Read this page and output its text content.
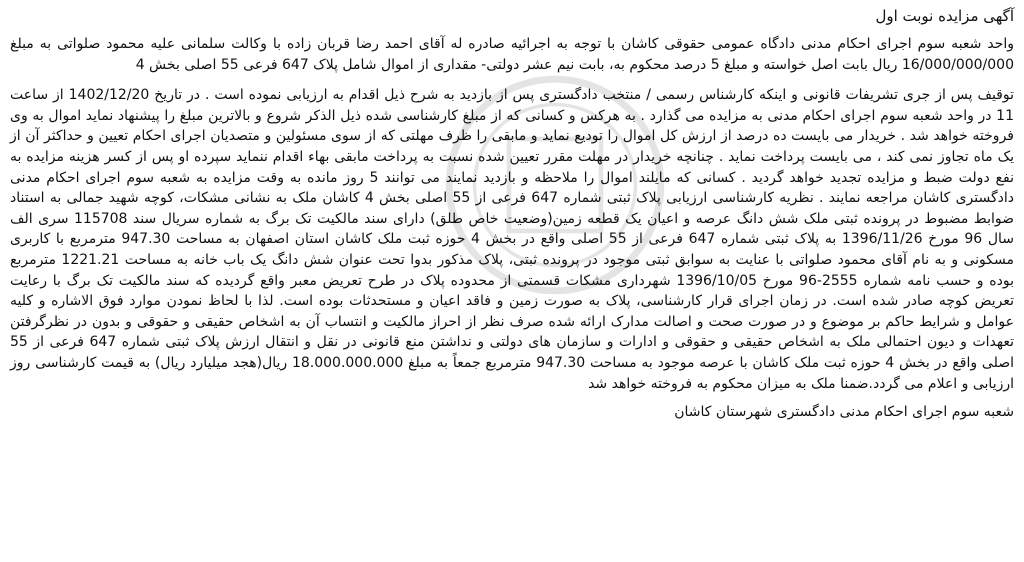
آگهی مزایده نوبت اول

واحد شعبه سوم اجرای احکام مدنی دادگاه عمومی حقوقی کاشان با توجه به اجرائیه صادره له آقای احمد رضا قربان زاده با وکالت سلمانی علیه محمود صلواتی به مبلغ 16/000/000/000 ریال بابت اصل خواسته و مبلغ 5 درصد محکوم به، بابت نیم عشر دولتی- مقداری از اموال شامل پلاک 647 فرعی 55 اصلی بخش 4

توقیف پس از جری تشریفات قانونی و اینکه کارشناس رسمی / منتخب دادگستری پس از بازدید به شرح ذیل اقدام به ارزیابی نموده است . در تاریخ 1402/12/20 از ساعت 11 در واحد شعبه سوم اجرای احکام مدنی به مزایده می گذارد . به هرکس و کسانی که از مبلغ کارشناسی شده ذیل الذکر شروع و بالاترین مبلغ را پیشنهاد نماید اموال به وی فروخته خواهد شد . خریدار می بایست ده درصد از ارزش کل اموال را تودیع نماید و مابقی را ظرف مهلتی که از سوی مسئولین و متصدیان اجرای احکام تعیین و حداکثر آن از یک ماه تجاوز نمی کند ، می بایست پرداخت نماید . چنانچه خریدار در مهلت مقرر تعیین شده نسبت به پرداخت مابقی بهاء اقدام ننماید سپرده او پس از کسر هزینه مزایده به نفع دولت ضبط و مزایده تجدید خواهد گردید . کسانی که مایلند اموال را ملاحظه و بازدید نمایند می توانند 5 روز مانده به وقت مزایده به شعبه سوم اجرای احکام مدنی دادگستری کاشان مراجعه نمایند . نظریه کارشناسی ارزیابی پلاک ثبتی شماره 647 فرعی از 55 اصلی بخش 4 کاشان ملک به نشانی مشکات، کوچه شهید جمالی به استناد ضوابط مضبوط در پرونده ثبتی ملک شش دانگ عرصه و اعیان یک قطعه زمین(وضعیت خاص طلق) دارای سند مالکیت تک برگ به شماره سریال سند 115708 سری الف سال 96 مورخ 1396/11/26 به پلاک ثبتی شماره 647 فرعی از 55 اصلی واقع در بخش 4 حوزه ثبت ملک کاشان استان اصفهان به مساحت 947.30 مترمربع با کاربری مسکونی و به نام آقای محمود صلواتی با عنایت به سوابق ثبتی موجود در پرونده ثبتی، پلاک مذکور بدوا تحت عنوان شش دانگ یک باب خانه به مساحت 1221.21 مترمربع بوده و حسب نامه شماره 2555-96 مورخ 1396/10/05 شهرداری مشکات قسمتی از محدوده پلاک در طرح تعریض معبر واقع گردیده که سند مالکیت تک برگ با رعایت تعریض کوچه صادر شده است. در زمان اجرای قرار کارشناسی، پلاک به صورت زمین و فاقد اعیان و مستحدثات بوده است. لذا با لحاظ نمودن موارد فوق الاشاره و کلیه عوامل و شرایط حاکم بر موضوع و در صورت صحت و اصالت مدارک ارائه شده صرف نظر از احراز مالکیت و انتساب آن به اشخاص حقیقی و حقوقی و بدون در نظرگرفتن تعهدات و دیون احتمالی ملک به اشخاص حقیقی و حقوقی و ادارات و سازمان های دولتی و نداشتن منع قانونی در نقل و انتقال ارزش پلاک ثبتی شماره 647 فرعی از 55 اصلی واقع در بخش 4 حوزه ثبت ملک کاشان با عرصه موجود به مساحت 947.30 مترمربع جمعاً به مبلغ 18.000.000.000 ریال(هجد میلیارد ریال) به قیمت کارشناسی روز ارزیابی و اعلام می گردد.ضمنا ملک به میزان محکوم به فروخته خواهد شد

شعبه سوم اجرای احکام مدنی دادگستری شهرستان کاشان
